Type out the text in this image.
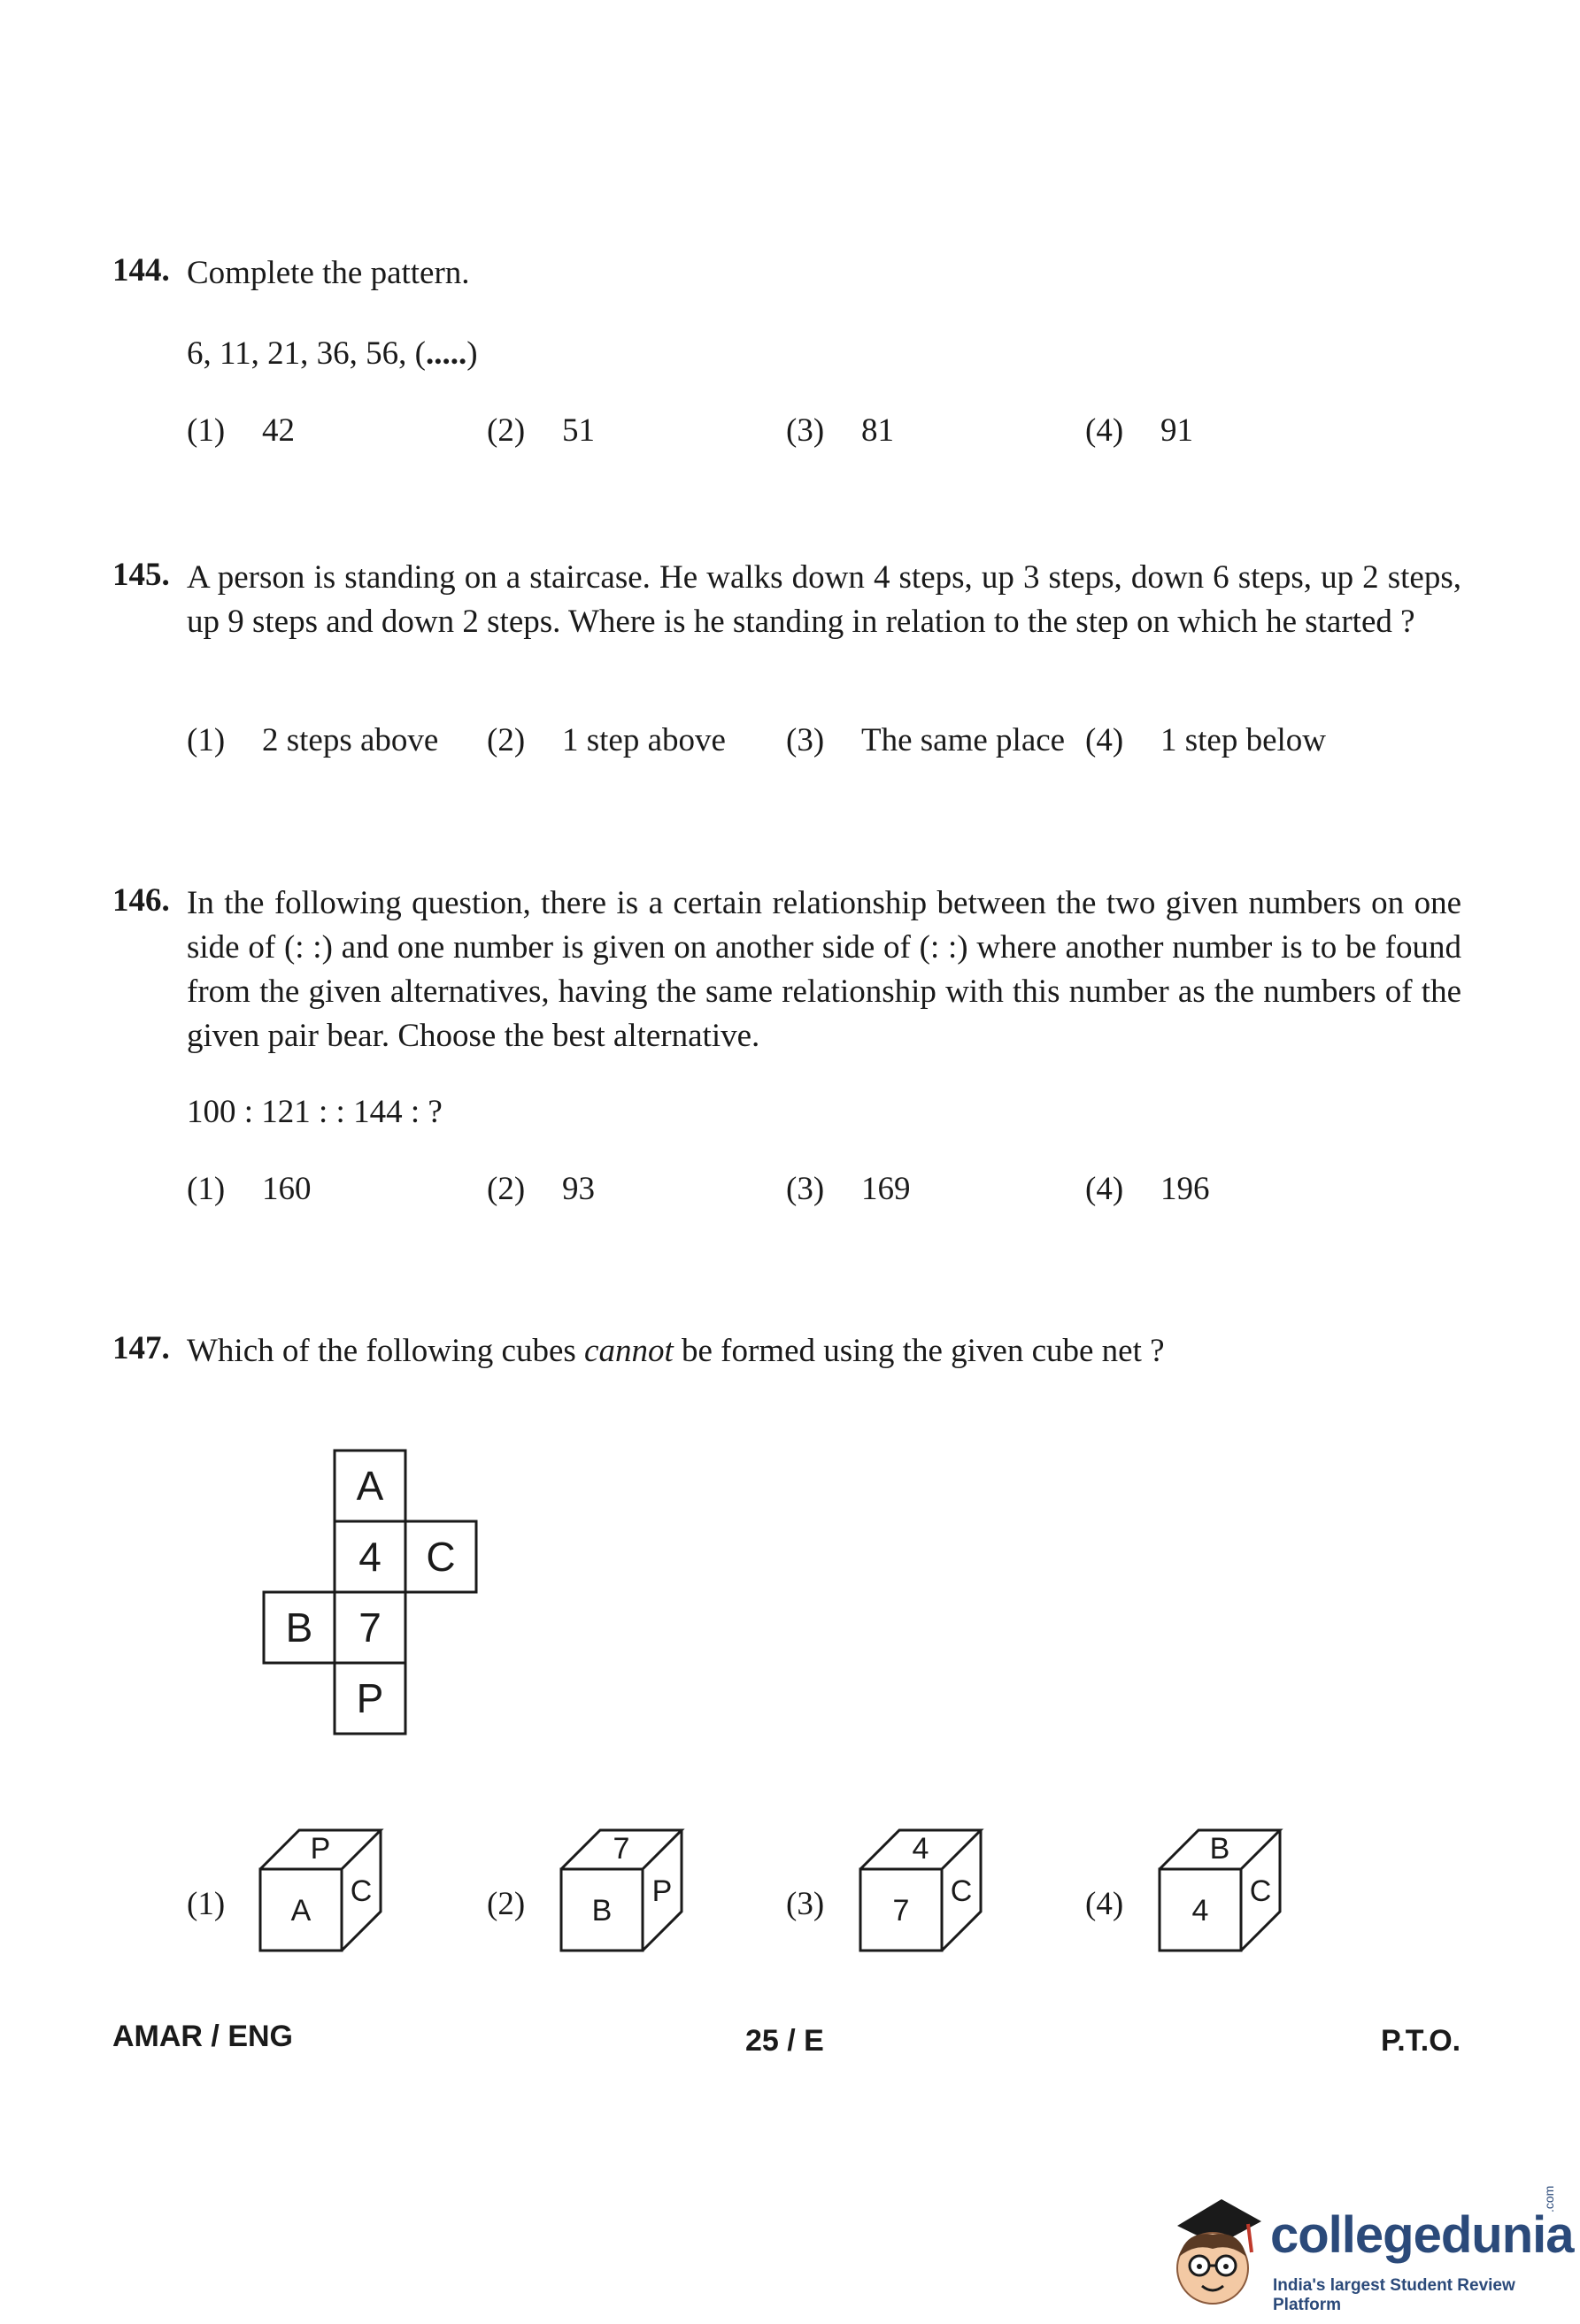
144. Complete the pattern.
6, 11, 21, 36, 56, (.....)
(1) 42	(2) 51	(3) 81	(4) 91
145. A person is standing on a staircase. He walks down 4 steps, up 3 steps, down 6 steps, up 2 steps, up 9 steps and down 2 steps. Where is he standing in relation to the step on which he started ?
(1) 2 steps above (2) 1 step above (3) The same place (4) 1 step below
146. In the following question, there is a certain relationship between the two given numbers on one side of (: :) and one number is given on another side of (: :) where another number is to be found from the given alternatives, having the same relationship with this number as the numbers of the given pair bear. Choose the best alternative.
100 : 121 : : 144 : ?
(1) 160	(2) 93	(3) 169	(4) 196
147. Which of the following cubes cannot be formed using the given cube net ?
A
4 C
B 7
P
(1)
P
A
C	(2)
7
B
P	(3)
4
7
C	(4)
B
4
C
AMAR / ENG	25 / E	P.T.O.
collegedunia
.com
India's largest Student Review Platform
